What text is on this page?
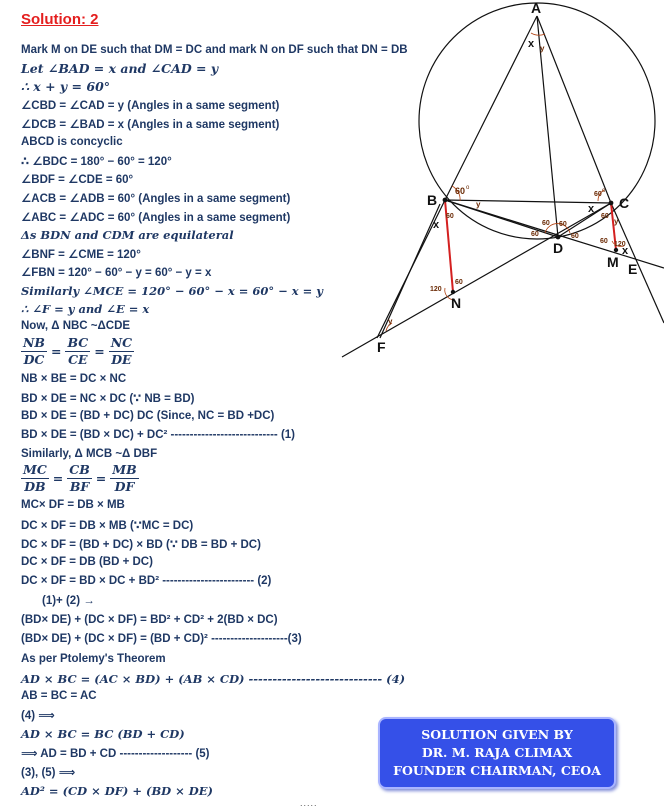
Solution: 2
Mark M on DE such that DM = DC and mark N on DF such that DN = DB
Let ∠BAD = x and ∠CAD = y
∴ x + y = 60°
∠CBD = ∠CAD = y (Angles in a same segment)
∠DCB = ∠BAD = x (Angles in a same segment)
ABCD is concyclic
∴ ∠BDC = 180° − 60° = 120°
∠BDF = ∠CDE = 60°
∠ACB = ∠ADB = 60° (Angles in a same segment)
∠ABC = ∠ADC = 60° (Angles in a same segment)
Δs BDN and CDM are equilateral
∠BNF = ∠CME = 120°
∠FBN = 120° − 60° − y = 60° − y = x
Similarly ∠MCE = 120° − 60° − x = 60° − x = y
∴ ∠F = y and ∠E = x
Now, Δ NBC ~ΔCDE
$\frac{NB}{DC} = \frac{BC}{CE} = \frac{NC}{DE}$
NB × BE = DC × NC
BD × DE = NC × DC (∵ NB = BD)
BD × DE = (BD + DC) DC (Since, NC = BD +DC)
BD × DE = (BD × DC) + DC² ---------------------------- (1)
Similarly, Δ MCB ~Δ DBF
$\frac{MC}{DB} = \frac{CB}{BF} = \frac{MB}{DF}$
MC× DF = DB × MB
DC × DF = DB × MB (∵MC = DC)
DC × DF = (BD + DC) × BD (∵ DB = BD + DC)
DC × DF = DB (BD + DC)
DC × DF = BD × DC + BD² ------------------------ (2)
(1)+ (2) →
(BD× DE) + (DC × DF) = BD² + CD² + 2(BD × DC)
(BD× DE) + (DC × DF) = (BD + CD)² --------------------(3)
As per Ptolemy's Theorem
AD × BC = (AC × BD) + (AB × CD) ---------------------------- (4)
AB = BC = AC
(4) ⟹
AD × BC = BC (BD + CD)
⟹ AD = BD + CD ------------------- (5)
(3), (5) ⟹
AD² = (CD × DF) + (BD × DE)
A
B	C
D
E
F
M
N
x y
60
y
60
x
60
x
60
y
60 60
60	60
120
60
60 120
x
y
o	o
SOLUTION GIVEN BY
DR. M. RAJA CLIMAX
FOUNDER CHAIRMAN, CEOA
.....
